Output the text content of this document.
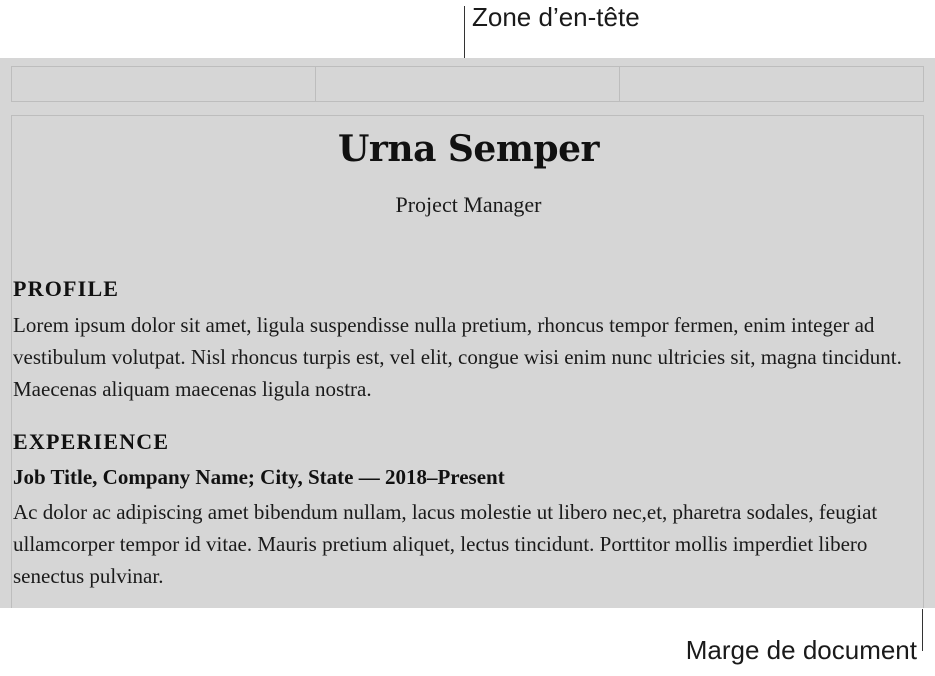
Zone d’en-tête
Urna Semper
Project Manager
PROFILE
Lorem ipsum dolor sit amet, ligula suspendisse nulla pretium, rhoncus tempor fermen, enim integer ad vestibulum volutpat. Nisl rhoncus turpis est, vel elit, congue wisi enim nunc ultricies sit, magna tincidunt. Maecenas aliquam maecenas ligula nostra.
EXPERIENCE
Job Title, Company Name; City, State — 2018–Present
Ac dolor ac adipiscing amet bibendum nullam, lacus molestie ut libero nec,et, pharetra sodales, feugiat ullamcorper tempor id vitae. Mauris pretium aliquet, lectus tincidunt. Porttitor mollis imperdiet libero senectus pulvinar.
Marge de document
